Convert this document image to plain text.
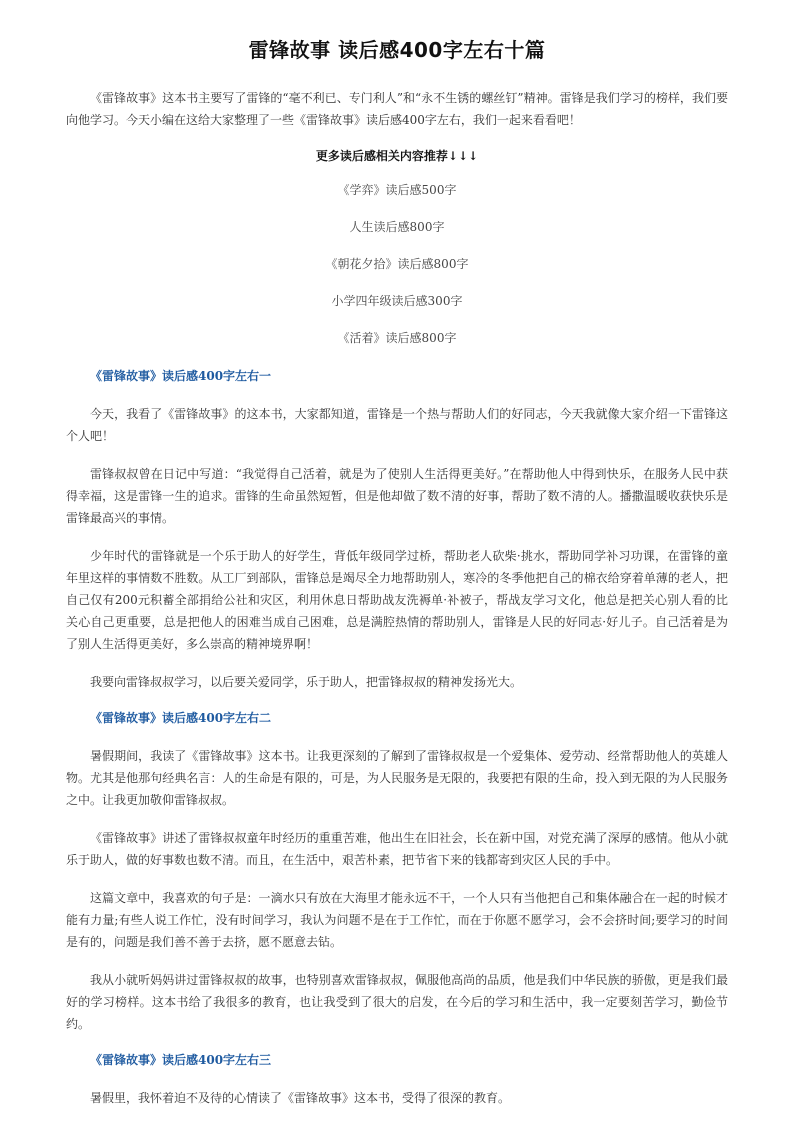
雷锋故事 读后感400字左右十篇

《雷锋故事》这本书主要写了雷锋的“毫不利已、专门利人”和“永不生锈的螺丝钉”精神。雷锋是我们学习的榜样，我们要向他学习。今天小编在这给大家整理了一些《雷锋故事》读后感400字左右，我们一起来看看吧！

更多读后感相关内容推荐↓↓↓
《学弈》读后感500字
人生读后感800字
《朝花夕拾》读后感800字
小学四年级读后感300字
《活着》读后感800字
《雷锋故事》读后感400字左右一

今天，我看了《雷锋故事》的这本书，大家都知道，雷锋是一个热与帮助人们的好同志，今天我就像大家介绍一下雷锋这个人吧！

雷锋叔叔曾在日记中写道：“我觉得自己活着，就是为了使别人生活得更美好。”在帮助他人中得到快乐，在服务人民中获得幸福，这是雷锋一生的追求。雷锋的生命虽然短暂，但是他却做了数不清的好事，帮助了数不清的人。播撒温暖收获快乐是雷锋最高兴的事情。

少年时代的雷锋就是一个乐于助人的好学生，背低年级同学过桥，帮助老人砍柴·挑水，帮助同学补习功课，在雷锋的童年里这样的事情数不胜数。从工厂到部队，雷锋总是竭尽全力地帮助别人，寒冷的冬季他把自己的棉衣给穿着单薄的老人，把自己仅有200元积蓄全部捐给公社和灾区，利用休息日帮助战友洗褥单·补被子，帮战友学习文化，他总是把关心别人看的比关心自己更重要，总是把他人的困难当成自己困难，总是满腔热情的帮助别人，雷锋是人民的好同志·好儿子。自己活着是为了别人生活得更美好，多么崇高的精神境界啊！

我要向雷锋叔叔学习，以后要关爱同学，乐于助人，把雷锋叔叔的精神发扬光大。

《雷锋故事》读后感400字左右二

暑假期间，我读了《雷锋故事》这本书。让我更深刻的了解到了雷锋叔叔是一个爱集体、爱劳动、经常帮助他人的英雄人物。尤其是他那句经典名言：人的生命是有限的，可是，为人民服务是无限的，我要把有限的生命，投入到无限的为人民服务之中。让我更加敬仰雷锋叔叔。

《雷锋故事》讲述了雷锋叔叔童年时经历的重重苦难，他出生在旧社会，长在新中国，对党充满了深厚的感情。他从小就乐于助人，做的好事数也数不清。而且，在生活中，艰苦朴素，把节省下来的钱都寄到灾区人民的手中。

这篇文章中，我喜欢的句子是：一滴水只有放在大海里才能永远不干，一个人只有当他把自己和集体融合在一起的时候才能有力量;有些人说工作忙，没有时间学习，我认为问题不是在于工作忙，而在于你愿不愿学习，会不会挤时间;要学习的时间是有的，问题是我们善不善于去挤，愿不愿意去钻。

我从小就听妈妈讲过雷锋叔叔的故事，也特别喜欢雷锋叔叔，佩服他高尚的品质，他是我们中华民族的骄傲，更是我们最好的学习榜样。这本书给了我很多的教育，也让我受到了很大的启发，在今后的学习和生活中，我一定要刻苦学习，勤俭节约。

《雷锋故事》读后感400字左右三

暑假里，我怀着迫不及待的心情读了《雷锋故事》这本书，受得了很深的教育。
